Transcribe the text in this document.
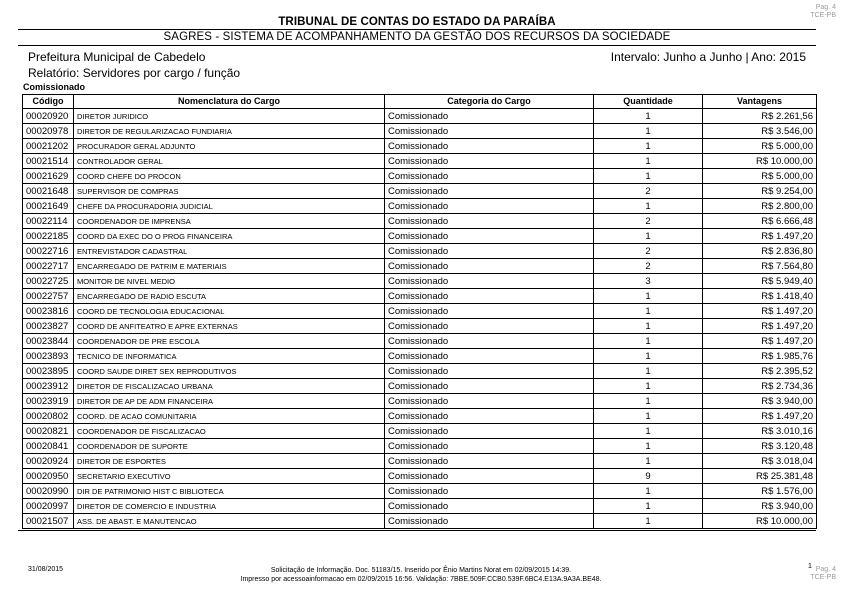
Pag. 4
TCE-PB
TRIBUNAL DE CONTAS DO ESTADO DA PARAÍBA
SAGRES - SISTEMA DE ACOMPANHAMENTO DA GESTÃO DOS RECURSOS DA SOCIEDADE
Prefeitura Municipal de Cabedelo	Intervalo: Junho a Junho | Ano: 2015
Relatório: Servidores por cargo / função
Comissionado
Código	Nomenclatura do Cargo	Categoria do Cargo	Quantidade	Vantagens
00020920	DIRETOR JURIDICO	Comissionado	1	R$ 2.261,56
00020978	DIRETOR DE REGULARIZACAO FUNDIARIA	Comissionado	1	R$ 3.546,00
00021202	PROCURADOR GERAL ADJUNTO	Comissionado	1	R$ 5.000,00
00021514	CONTROLADOR GERAL	Comissionado	1	R$ 10.000,00
00021629	COORD CHEFE DO PROCON	Comissionado	1	R$ 5.000,00
00021648	SUPERVISOR DE COMPRAS	Comissionado	2	R$ 9.254,00
00021649	CHEFE DA PROCURADORIA JUDICIAL	Comissionado	1	R$ 2.800,00
00022114	COORDENADOR DE IMPRENSA	Comissionado	2	R$ 6.666,48
00022185	COORD DA EXEC DO O PROG FINANCEIRA	Comissionado	1	R$ 1.497,20
00022716	ENTREVISTADOR CADASTRAL	Comissionado	2	R$ 2.836,80
00022717	ENCARREGADO DE PATRIM E MATERIAIS	Comissionado	2	R$ 7.564,80
00022725	MONITOR DE NIVEL MEDIO	Comissionado	3	R$ 5.949,40
00022757	ENCARREGADO DE RADIO ESCUTA	Comissionado	1	R$ 1.418,40
00023816	COORD DE TECNOLOGIA EDUCACIONAL	Comissionado	1	R$ 1.497,20
00023827	COORD DE ANFITEATRO E APRE EXTERNAS	Comissionado	1	R$ 1.497,20
00023844	COORDENADOR DE PRE ESCOLA	Comissionado	1	R$ 1.497,20
00023893	TECNICO DE INFORMATICA	Comissionado	1	R$ 1.985,76
00023895	COORD SAUDE DIRET SEX REPRODUTIVOS	Comissionado	1	R$ 2.395,52
00023912	DIRETOR DE FISCALIZACAO URBANA	Comissionado	1	R$ 2.734,36
00023919	DIRETOR DE AP DE ADM FINANCEIRA	Comissionado	1	R$ 3.940,00
00020802	COORD. DE ACAO COMUNITARIA	Comissionado	1	R$ 1.497,20
00020821	COORDENADOR DE FISCALIZACAO	Comissionado	1	R$ 3.010,16
00020841	COORDENADOR DE SUPORTE	Comissionado	1	R$ 3.120,48
00020924	DIRETOR DE ESPORTES	Comissionado	1	R$ 3.018,04
00020950	SECRETARIO EXECUTIVO	Comissionado	9	R$ 25.381,48
00020990	DIR DE PATRIMONIO HIST C BIBLIOTECA	Comissionado	1	R$ 1.576,00
00020997	DIRETOR DE COMERCIO E INDUSTRIA	Comissionado	1	R$ 3.940,00
00021507	ASS. DE ABAST. E MANUTENCAO	Comissionado	1	R$ 10.000,00
Pag. 4
TCE-PB
31/08/2015	Solicitação de Informação. Doc. 51183/15. Inserido por Ênio Martins Norat em 02/09/2015 14:39.
Impresso por acessoainformacao em 02/09/2015 16:56. Validação: 7BBE.509F.CCB0.539F.6BC4.E13A.9A3A.BE48.
1
